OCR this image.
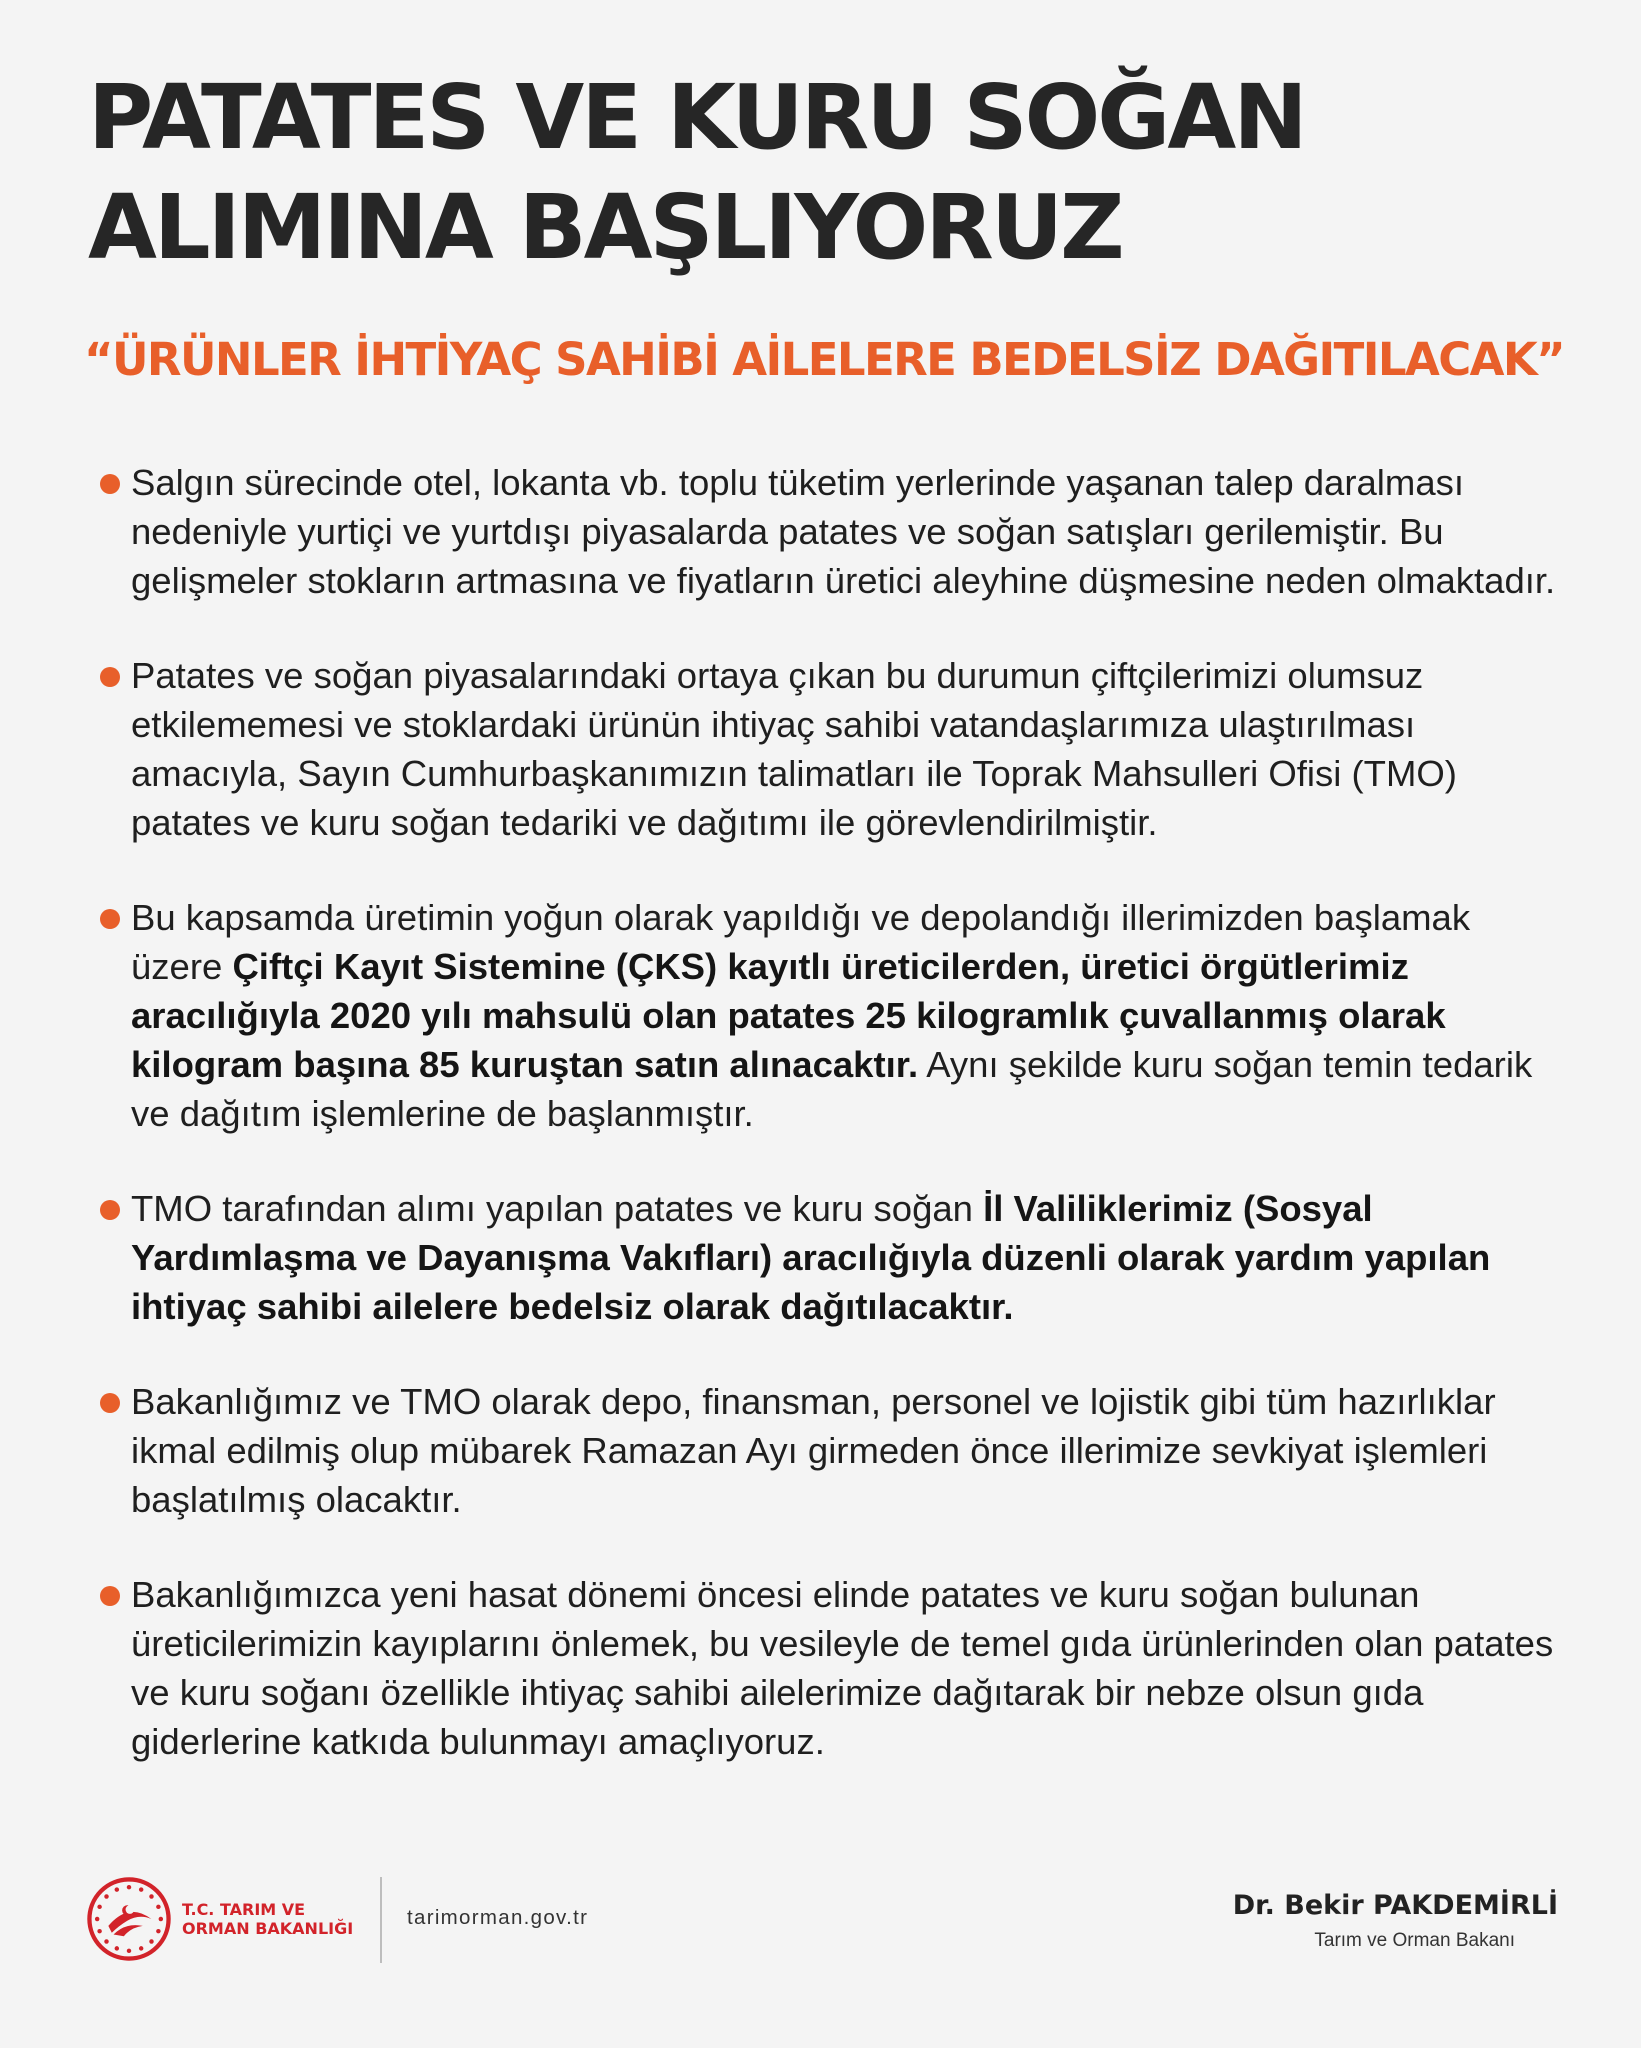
PATATES VE KURU SOĞAN ALIMINA BAŞLIYORUZ
“ÜRÜNLER İHTİYAÇ SAHİBİ AİLELERE BEDELSİZ DAĞITILACAK”
Salgın sürecinde otel, lokanta vb. toplu tüketim yerlerinde yaşanan talep daralması nedeniyle yurtiçi ve yurtdışı piyasalarda patates ve soğan satışları gerilemiştir. Bu gelişmeler stokların artmasına ve fiyatların üretici aleyhine düşmesine neden olmaktadır.
Patates ve soğan piyasalarındaki ortaya çıkan bu durumun çiftçilerimizi olumsuz etkilememesi ve stoklardaki ürünün ihtiyaç sahibi vatandaşlarımıza ulaştırılması amacıyla, Sayın Cumhurbaşkanımızın talimatları ile Toprak Mahsulleri Ofisi (TMO) patates ve kuru soğan tedariki ve dağıtımı ile görevlendirilmiştir.
Bu kapsamda üretimin yoğun olarak yapıldığı ve depolandığı illerimizden başlamak üzere Çiftçi Kayıt Sistemine (ÇKS) kayıtlı üreticilerden, üretici örgütlerimiz aracılığıyla 2020 yılı mahsulü olan patates 25 kilogramlık çuvallanmış olarak kilogram başına 85 kuruştan satın alınacaktır. Aynı şekilde kuru soğan temin tedarik ve dağıtım işlemlerine de başlanmıştır.
TMO tarafından alımı yapılan patates ve kuru soğan İl Valiliklerimiz (Sosyal Yardımlaşma ve Dayanışma Vakıfları) aracılığıyla düzenli olarak yardım yapılan ihtiyaç sahibi ailelere bedelsiz olarak dağıtılacaktır.
Bakanlığımız ve TMO olarak depo, finansman, personel ve lojistik gibi tüm hazırlıklar ikmal edilmiş olup mübarek Ramazan Ayı girmeden önce illerimize sevkiyat işlemleri başlatılmış olacaktır.
Bakanlığımızca yeni hasat dönemi öncesi elinde patates ve kuru soğan bulunan üreticilerimizin kayıplarını önlemek, bu vesileyle de temel gıda ürünlerinden olan patates ve kuru soğanı özellikle ihtiyaç sahibi ailelerimize dağıtarak bir nebze olsun gıda giderlerine katkıda bulunmayı amaçlıyoruz.
T.C. TARIM VE
ORMAN BAKANLIĞI	tarimorman.gov.tr	Dr. Bekir PAKDEMİRLİ
Tarım ve Orman Bakanı
